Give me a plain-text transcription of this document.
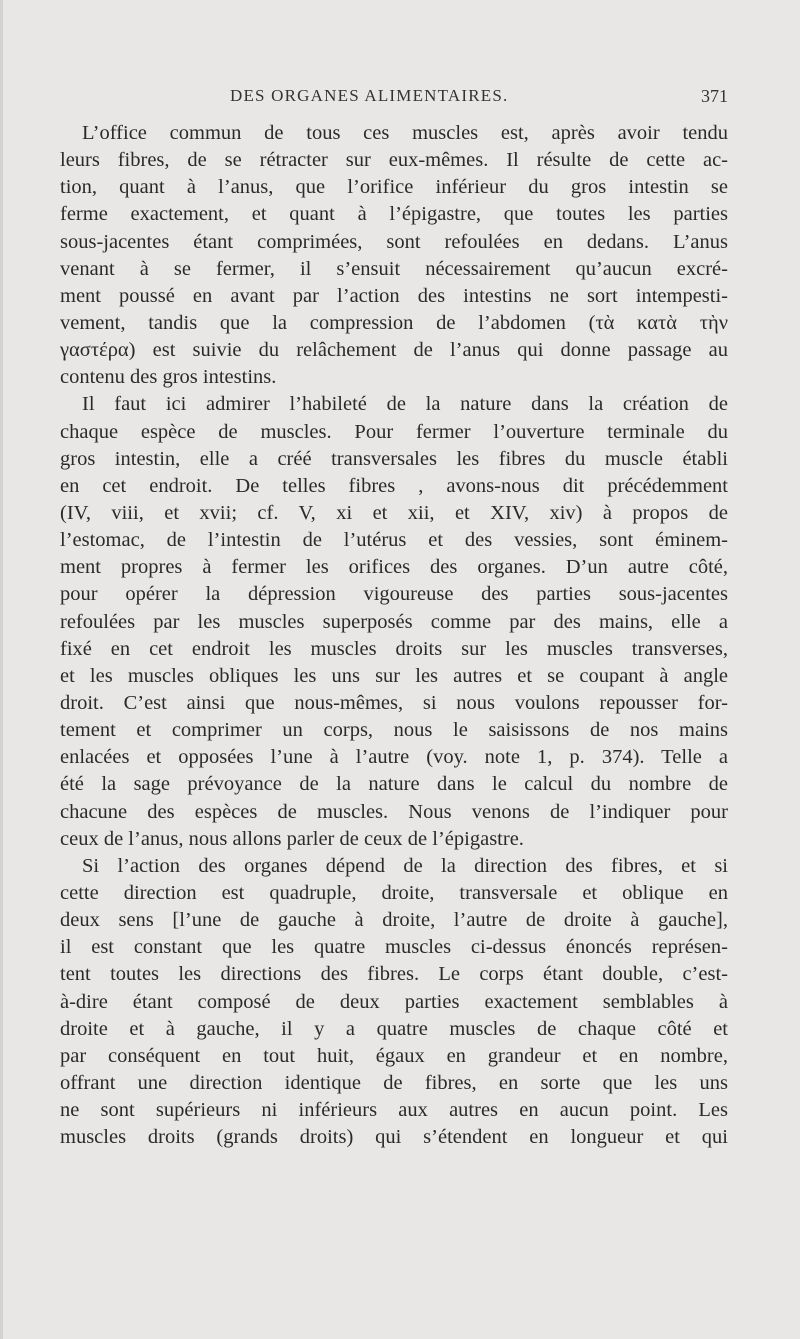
DES ORGANES ALIMENTAIRES.	371
L’office commun de tous ces muscles est, après avoir tendu
leurs fibres, de se rétracter sur eux-mêmes. Il résulte de cette ac-
tion, quant à l’anus, que l’orifice inférieur du gros intestin se
ferme exactement, et quant à l’épigastre, que toutes les parties
sous-jacentes étant comprimées, sont refoulées en dedans. L’anus
venant à se fermer, il s’ensuit nécessairement qu’aucun excré-
ment poussé en avant par l’action des intestins ne sort intempesti-
vement, tandis que la compression de l’abdomen (τὰ κατὰ τὴν
γαστέρα) est suivie du relâchement de l’anus qui donne passage au
contenu des gros intestins.
Il faut ici admirer l’habileté de la nature dans la création de
chaque espèce de muscles. Pour fermer l’ouverture terminale du
gros intestin, elle a créé transversales les fibres du muscle établi
en cet endroit. De telles fibres , avons-nous dit précédemment
(IV, viii, et xvii; cf. V, xi et xii, et XIV, xiv) à propos de
l’estomac, de l’intestin de l’utérus et des vessies, sont éminem-
ment propres à fermer les orifices des organes. D’un autre côté,
pour opérer la dépression vigoureuse des parties sous-jacentes
refoulées par les muscles superposés comme par des mains, elle a
fixé en cet endroit les muscles droits sur les muscles transverses,
et les muscles obliques les uns sur les autres et se coupant à angle
droit. C’est ainsi que nous-mêmes, si nous voulons repousser for-
tement et comprimer un corps, nous le saisissons de nos mains
enlacées et opposées l’une à l’autre (voy. note 1, p. 374). Telle a
été la sage prévoyance de la nature dans le calcul du nombre de
chacune des espèces de muscles. Nous venons de l’indiquer pour
ceux de l’anus, nous allons parler de ceux de l’épigastre.
Si l’action des organes dépend de la direction des fibres, et si
cette direction est quadruple, droite, transversale et oblique en
deux sens [l’une de gauche à droite, l’autre de droite à gauche],
il est constant que les quatre muscles ci-dessus énoncés représen-
tent toutes les directions des fibres. Le corps étant double, c’est-
à-dire étant composé de deux parties exactement semblables à
droite et à gauche, il y a quatre muscles de chaque côté et
par conséquent en tout huit, égaux en grandeur et en nombre,
offrant une direction identique de fibres, en sorte que les uns
ne sont supérieurs ni inférieurs aux autres en aucun point. Les
muscles droits (grands droits) qui s’étendent en longueur et qui
